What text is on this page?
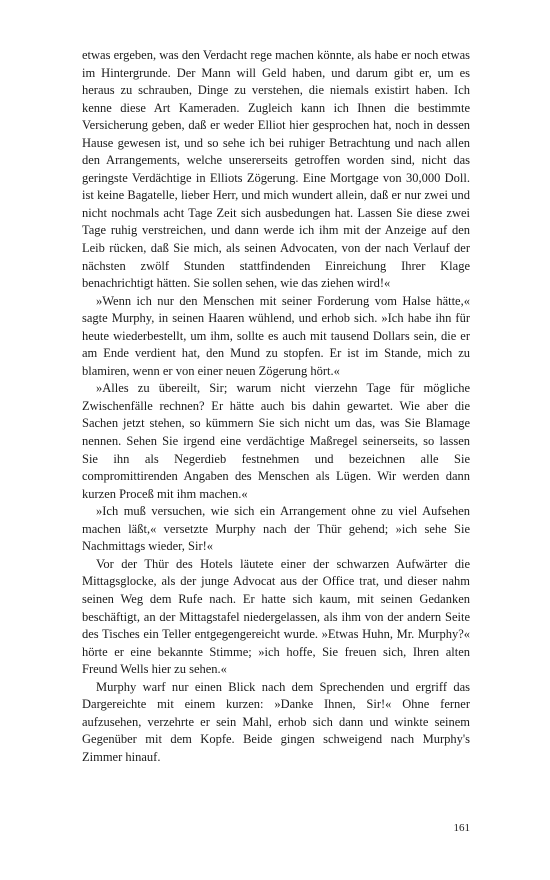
etwas ergeben, was den Verdacht rege machen könnte, als habe er noch etwas im Hintergrunde. Der Mann will Geld haben, und darum gibt er, um es heraus zu schrauben, Dinge zu verstehen, die niemals existirt haben. Ich kenne diese Art Kameraden. Zugleich kann ich Ihnen die bestimmte Versicherung geben, daß er weder Elliot hier gesprochen hat, noch in dessen Hause gewesen ist, und so sehe ich bei ruhiger Betrachtung und nach allen den Arrangements, welche unsererseits getroffen worden sind, nicht das geringste Verdächtige in Elliots Zögerung. Eine Mortgage von 30,000 Doll. ist keine Bagatelle, lieber Herr, und mich wundert allein, daß er nur zwei und nicht nochmals acht Tage Zeit sich ausbedungen hat. Lassen Sie diese zwei Tage ruhig verstreichen, und dann werde ich ihm mit der Anzeige auf den Leib rücken, daß Sie mich, als seinen Advocaten, von der nach Verlauf der nächsten zwölf Stunden stattfindenden Einreichung Ihrer Klage benachrichtigt hätten. Sie sollen sehen, wie das ziehen wird!«

»Wenn ich nur den Menschen mit seiner Forderung vom Halse hätte,« sagte Murphy, in seinen Haaren wühlend, und erhob sich. »Ich habe ihn für heute wiederbestellt, um ihm, sollte es auch mit tausend Dollars sein, die er am Ende verdient hat, den Mund zu stopfen. Er ist im Stande, mich zu blamiren, wenn er von einer neuen Zögerung hört.«

»Alles zu übereilt, Sir; warum nicht vierzehn Tage für mögliche Zwischenfälle rechnen? Er hätte auch bis dahin gewartet. Wie aber die Sachen jetzt stehen, so kümmern Sie sich nicht um das, was Sie Blamage nennen. Sehen Sie irgend eine verdächtige Maßregel seinerseits, so lassen Sie ihn als Negerdieb festnehmen und bezeichnen alle Sie compromittirenden Angaben des Menschen als Lügen. Wir werden dann kurzen Proceß mit ihm machen.«

»Ich muß versuchen, wie sich ein Arrangement ohne zu viel Aufsehen machen läßt,« versetzte Murphy nach der Thür gehend; »ich sehe Sie Nachmittags wieder, Sir!«

Vor der Thür des Hotels läutete einer der schwarzen Aufwärter die Mittagsglocke, als der junge Advocat aus der Office trat, und dieser nahm seinen Weg dem Rufe nach. Er hatte sich kaum, mit seinen Gedanken beschäftigt, an der Mittagstafel niedergelassen, als ihm von der andern Seite des Tisches ein Teller entgegengereicht wurde. »Etwas Huhn, Mr. Murphy?« hörte er eine bekannte Stimme; »ich hoffe, Sie freuen sich, Ihren alten Freund Wells hier zu sehen.«

Murphy warf nur einen Blick nach dem Sprechenden und ergriff das Dargereichte mit einem kurzen: »Danke Ihnen, Sir!« Ohne ferner aufzusehen, verzehrte er sein Mahl, erhob sich dann und winkte seinem Gegenüber mit dem Kopfe. Beide gingen schweigend nach Murphy's Zimmer hinauf.

161
